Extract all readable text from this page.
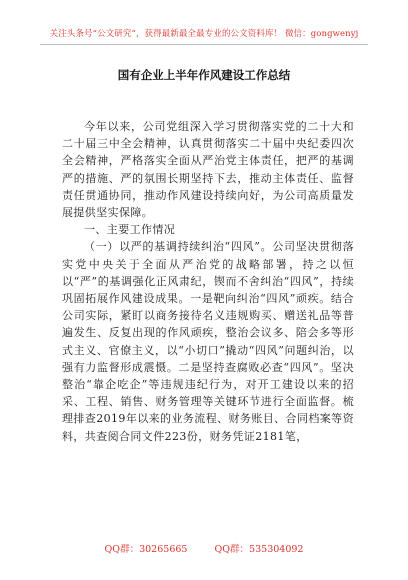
关注头条号“公文研究”，获得最新最全最专业的公文资料库！ 微信：gongwenyj
国有企业上半年作风建设工作总结

今年以来，公司党组深入学习贯彻落实党的二十大和二十届三中全会精神，认真贯彻落实二十届中央纪委四次全会精神，严格落实全面从严治党主体责任，把严的基调严的措施、严的氛围长期坚持下去，推动主体责任、监督责任贯通协同，推动作风建设持续向好，为公司高质量发展提供坚实保障。

一、主要工作情况

（一）以严的基调持续纠治“四风”。公司坚决贯彻落实党中央关于全面从严治党的战略部署，持之以恒以“严”的基调强化正风肃纪，锲而不舍纠治“四风”，持续巩固拓展作风建设成果。一是靶向纠治“四风”顽疾。结合公司实际，紧盯以商务接待名义违规购买、赠送礼品等普遍发生、反复出现的作风顽疾，整治会议多、陪会多等形式主义、官僚主义，以“小切口”撬动“四风”问题纠治，以强有力监督形成震慑。二是坚持查腐败必查“四风”。坚决整治“靠企吃企”等违规违纪行为，对开工建设以来的招采、工程、销售、财务管理等关键环节进行全面监督。梳理排查2019年以来的业务流程、财务账目、合同档案等资料，共查阅合同文件223份，财务凭证2181笔，

QQ群：30265665	QQ群：535304092
